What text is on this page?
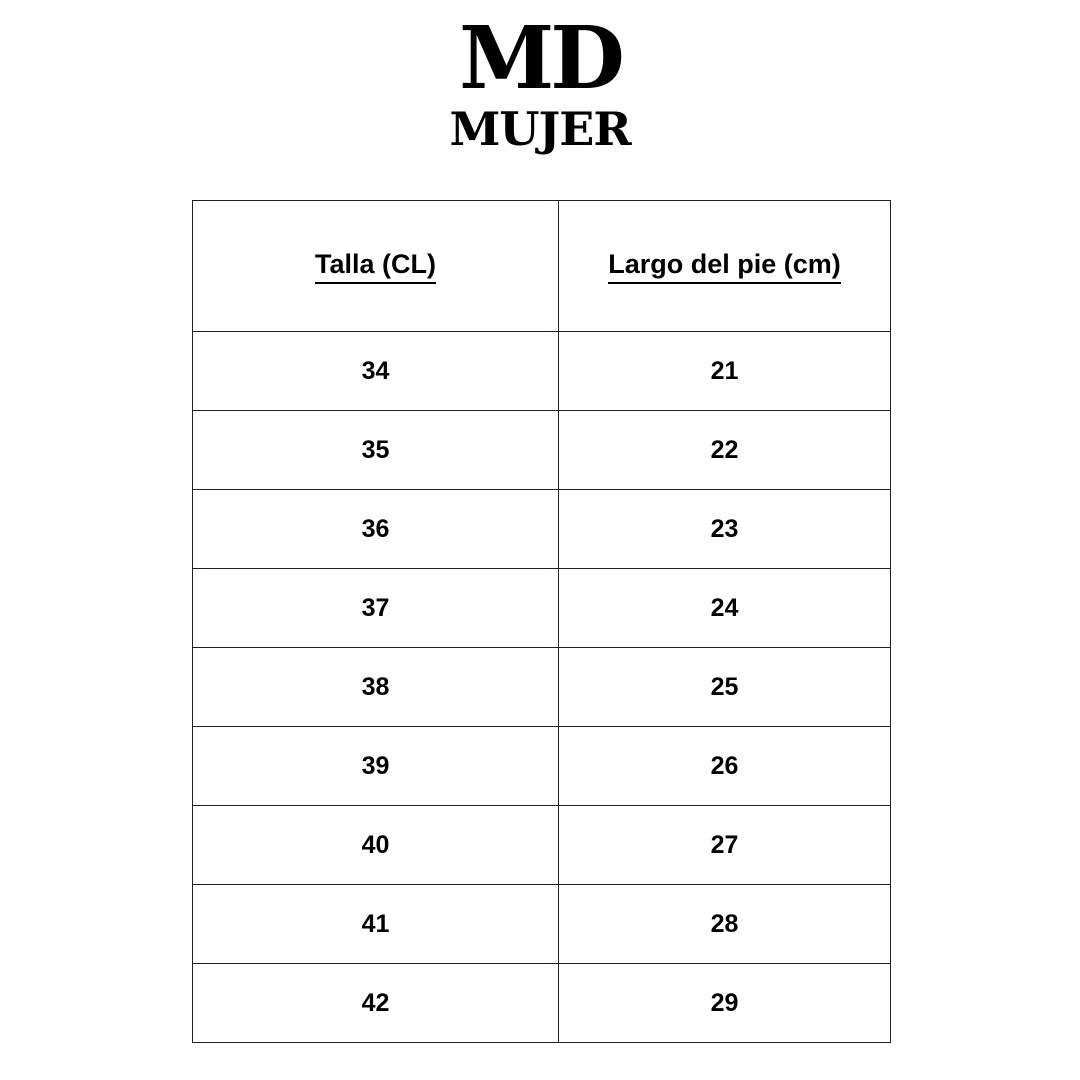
MD
MUJER
Talla (CL)	Largo del pie (cm)
34	21
35	22
36	23
37	24
38	25
39	26
40	27
41	28
42	29
